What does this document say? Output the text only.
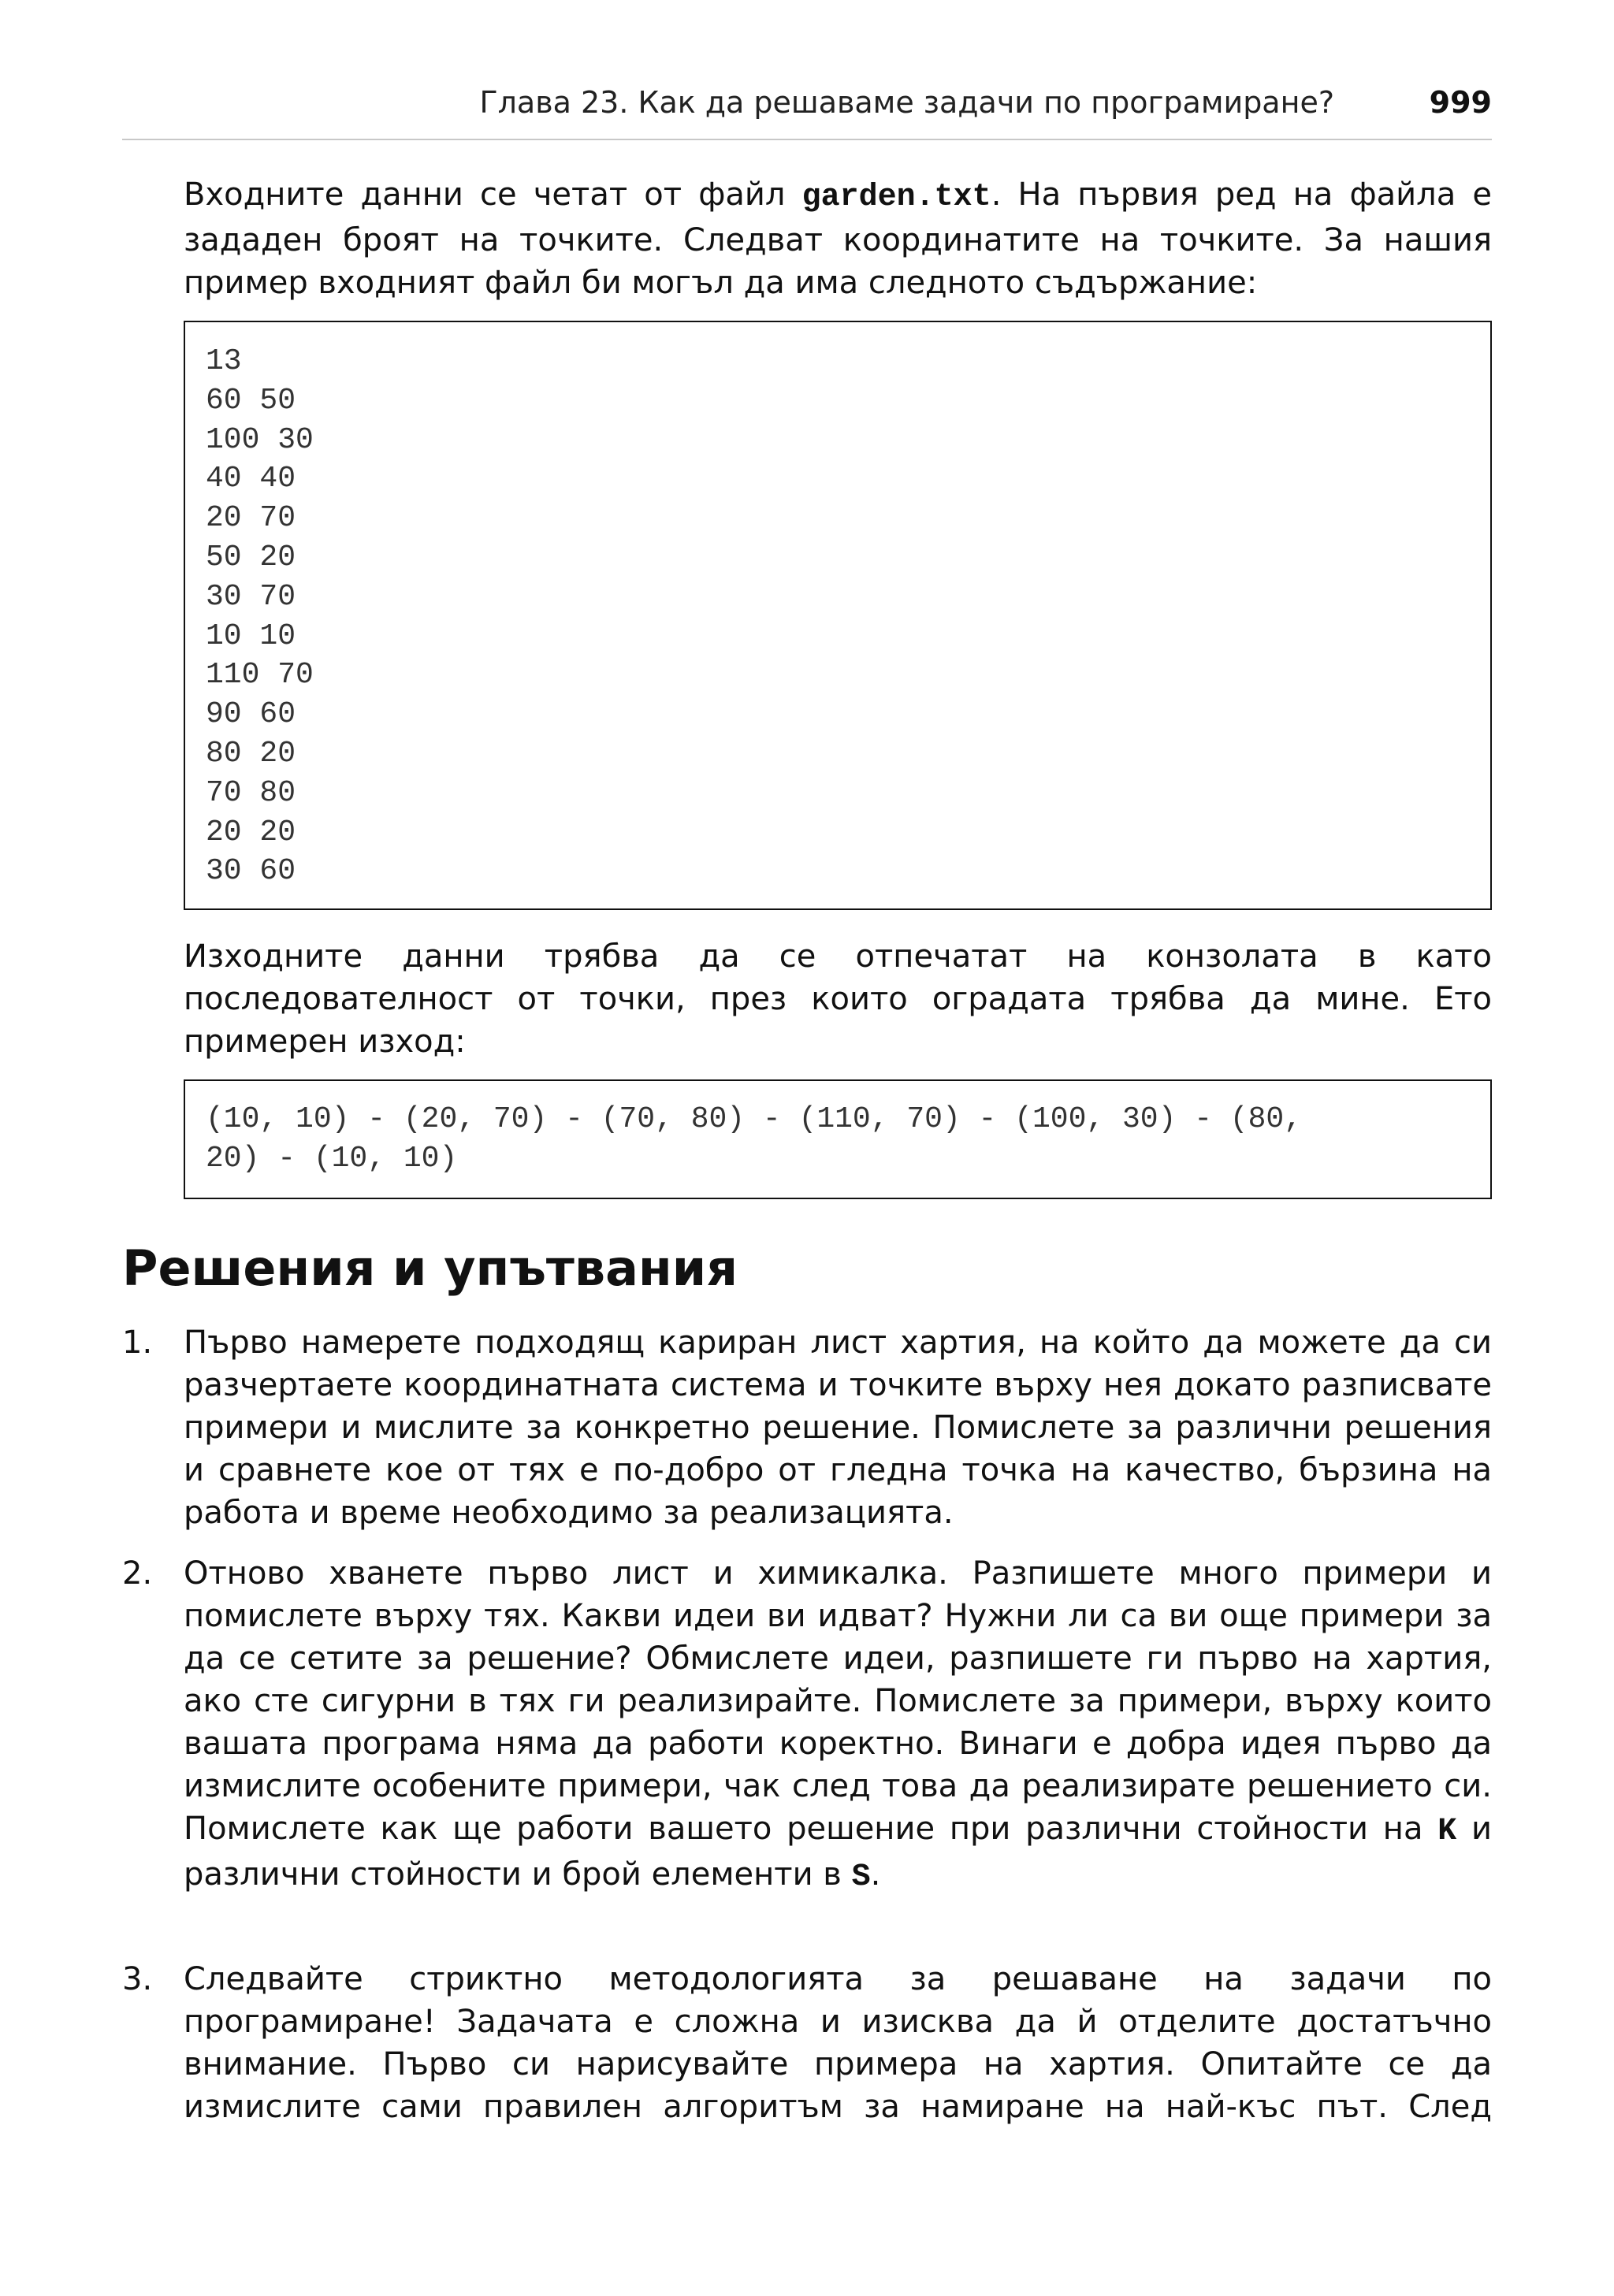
Глава 23. Как да решаваме задачи по програмиране?	999

Входните данни се четат от файл garden.txt. На първия ред на файла е зададен броят на точките. Следват координатите на точките. За нашия пример входният файл би могъл да има следното съдържание:

13
60 50
100 30
40 40
20 70
50 20
30 70
10 10
110 70
90 60
80 20
70 80
20 20
30 60

Изходните данни трябва да се отпечатат на конзолата в като последователност от точки, през които оградата трябва да мине. Ето примерен изход:

(10, 10) - (20, 70) - (70, 80) - (110, 70) - (100, 30) - (80,
20) - (10, 10)
Решения и упътвания
1. Първо намерете подходящ кариран лист хартия, на който да можете да си разчертаете координатната система и точките върху нея докато разписвате примери и мислите за конкретно решение. Помислете за различни решения и сравнете кое от тях е по-добро от гледна точка на качество, бързина на работа и време необходимо за реализацията.

2. Отново хванете първо лист и химикалка. Разпишете много примери и помислете върху тях. Какви идеи ви идват? Нужни ли са ви още примери за да се сетите за решение? Обмислете идеи, разпишете ги първо на хартия, ако сте сигурни в тях ги реализирайте. Помислете за примери, върху които вашата програма няма да работи коректно. Винаги е добра идея първо да измислите особените примери, чак след това да реализирате решението си. Помислете как ще работи вашето решение при различни стойности на K и различни стойности и брой елементи в S.

3. Следвайте стриктно методологията за решаване на задачи по програмиране! Задачата е сложна и изисква да й отделите достатъчно внимание. Първо си нарисувайте примера на хартия. Опитайте се да измислите сами правилен алгоритъм за намиране на най-къс път. След
